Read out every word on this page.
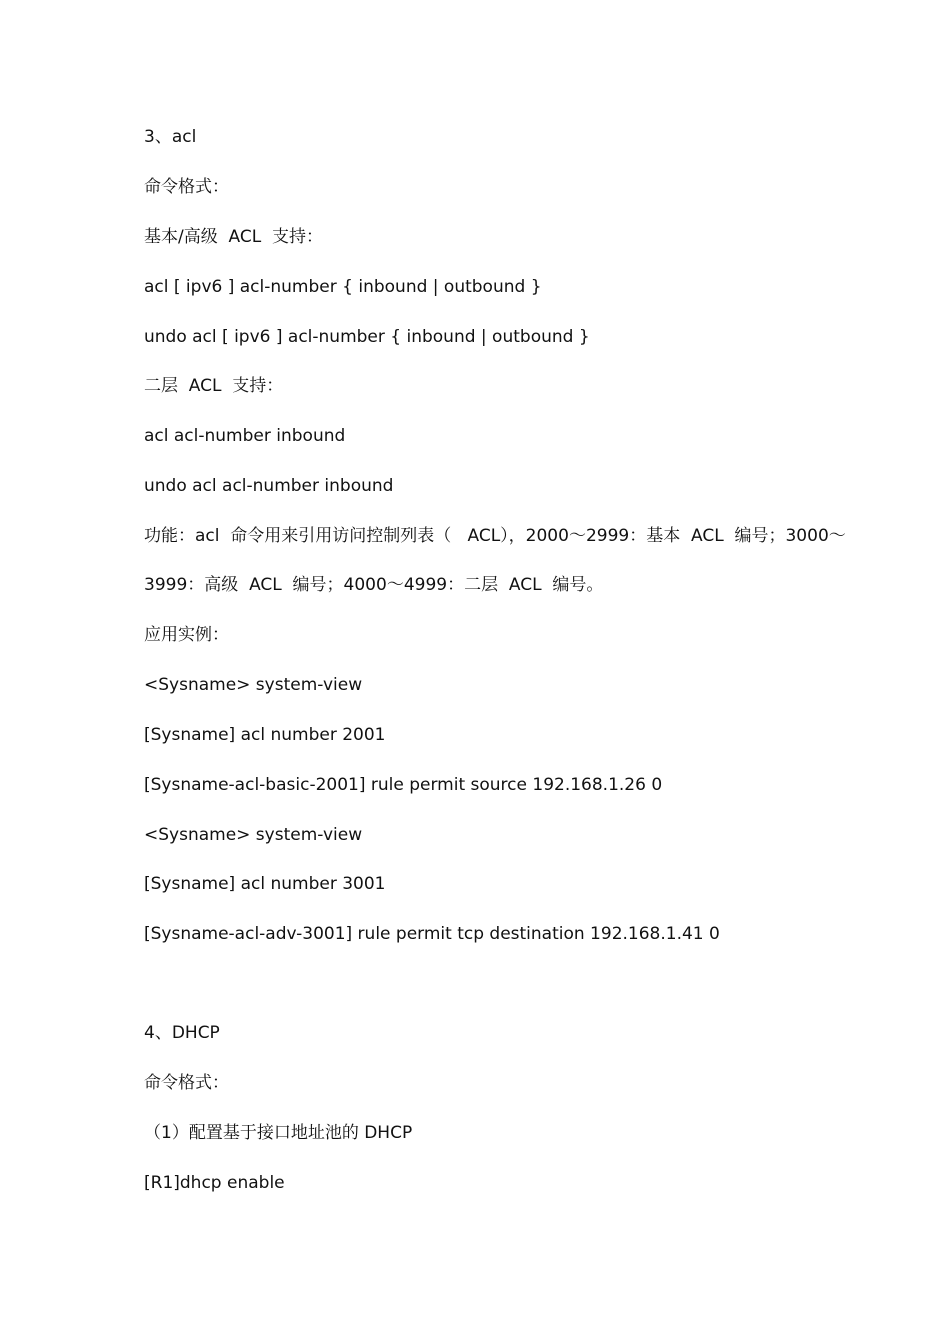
3、acl
命令格式：
基本/高级  ACL  支持：
acl [ ipv6 ] acl-number { inbound | outbound }
undo acl [ ipv6 ] acl-number { inbound | outbound }
二层  ACL  支持：
acl acl-number inbound
undo acl acl-number inbound
功能：acl  命令用来引用访问控制列表（   ACL），2000～2999：基本  ACL  编号；3000～
3999：高级  ACL  编号；4000～4999：二层  ACL  编号。
应用实例：
<Sysname> system-view
[Sysname] acl number 2001
[Sysname-acl-basic-2001] rule permit source 192.168.1.26 0
<Sysname> system-view
[Sysname] acl number 3001
[Sysname-acl-adv-3001] rule permit tcp destination 192.168.1.41 0
4、DHCP
命令格式：
（1）配置基于接口地址池的 DHCP
[R1]dhcp enable
